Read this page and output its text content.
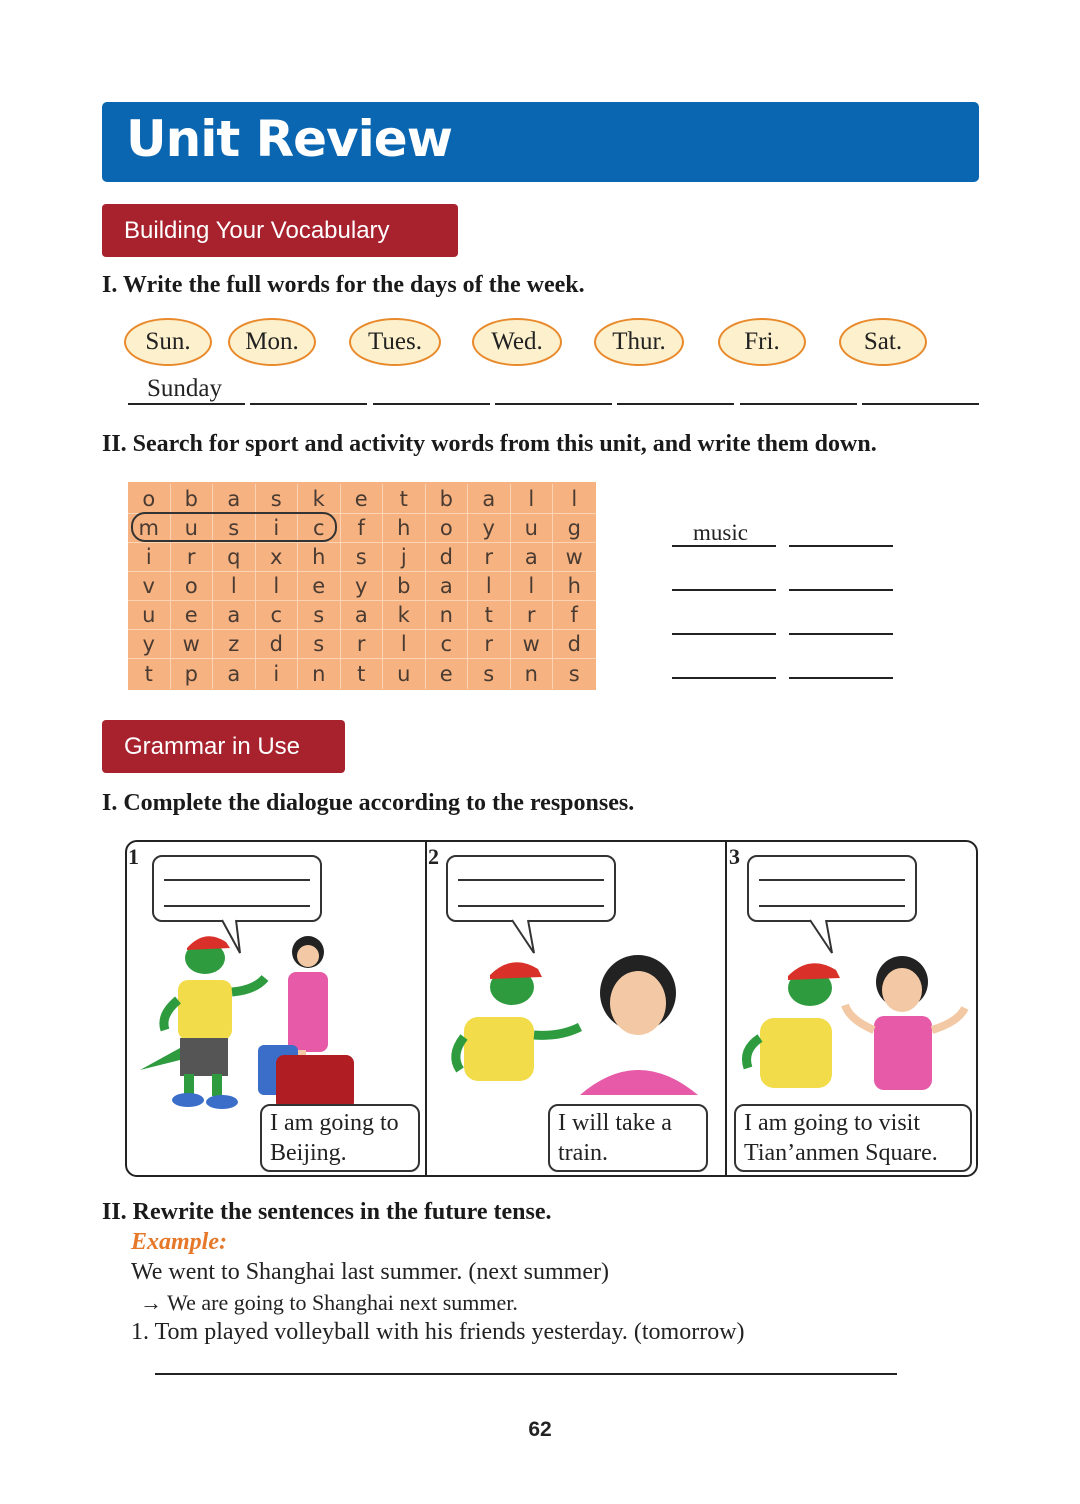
Unit Review
Building Your Vocabulary
I. Write the full words for the days of the week.
Sun.	Mon.	Tues.	Wed.	Thur.	Fri.	Sat.
Sunday
II. Search for sport and activity words from this unit, and write them down.
o	b	a	s	k	e	t	b	a	l	l
m	u	s	i	c	f	h	o	y	u	g
i	r	q	x	h	s	j	d	r	a	w
v	o	l	l	e	y	b	a	l	l	h
u	e	a	c	s	a	k	n	t	r	f
y	w	z	d	s	r	l	c	r	w	d
t	p	a	i	n	t	u	e	s	n	s
music
Grammar in Use
I. Complete the dialogue according to the responses.
1	2	3
I am going to
Beijing.
I will take a
train.
I am going to visit
Tian’anmen Square.
II. Rewrite the sentences in the future tense.
Example:
We went to Shanghai last summer. (next summer)
→ We are going to Shanghai next summer.
1. Tom played volleyball with his friends yesterday. (tomorrow)
62
